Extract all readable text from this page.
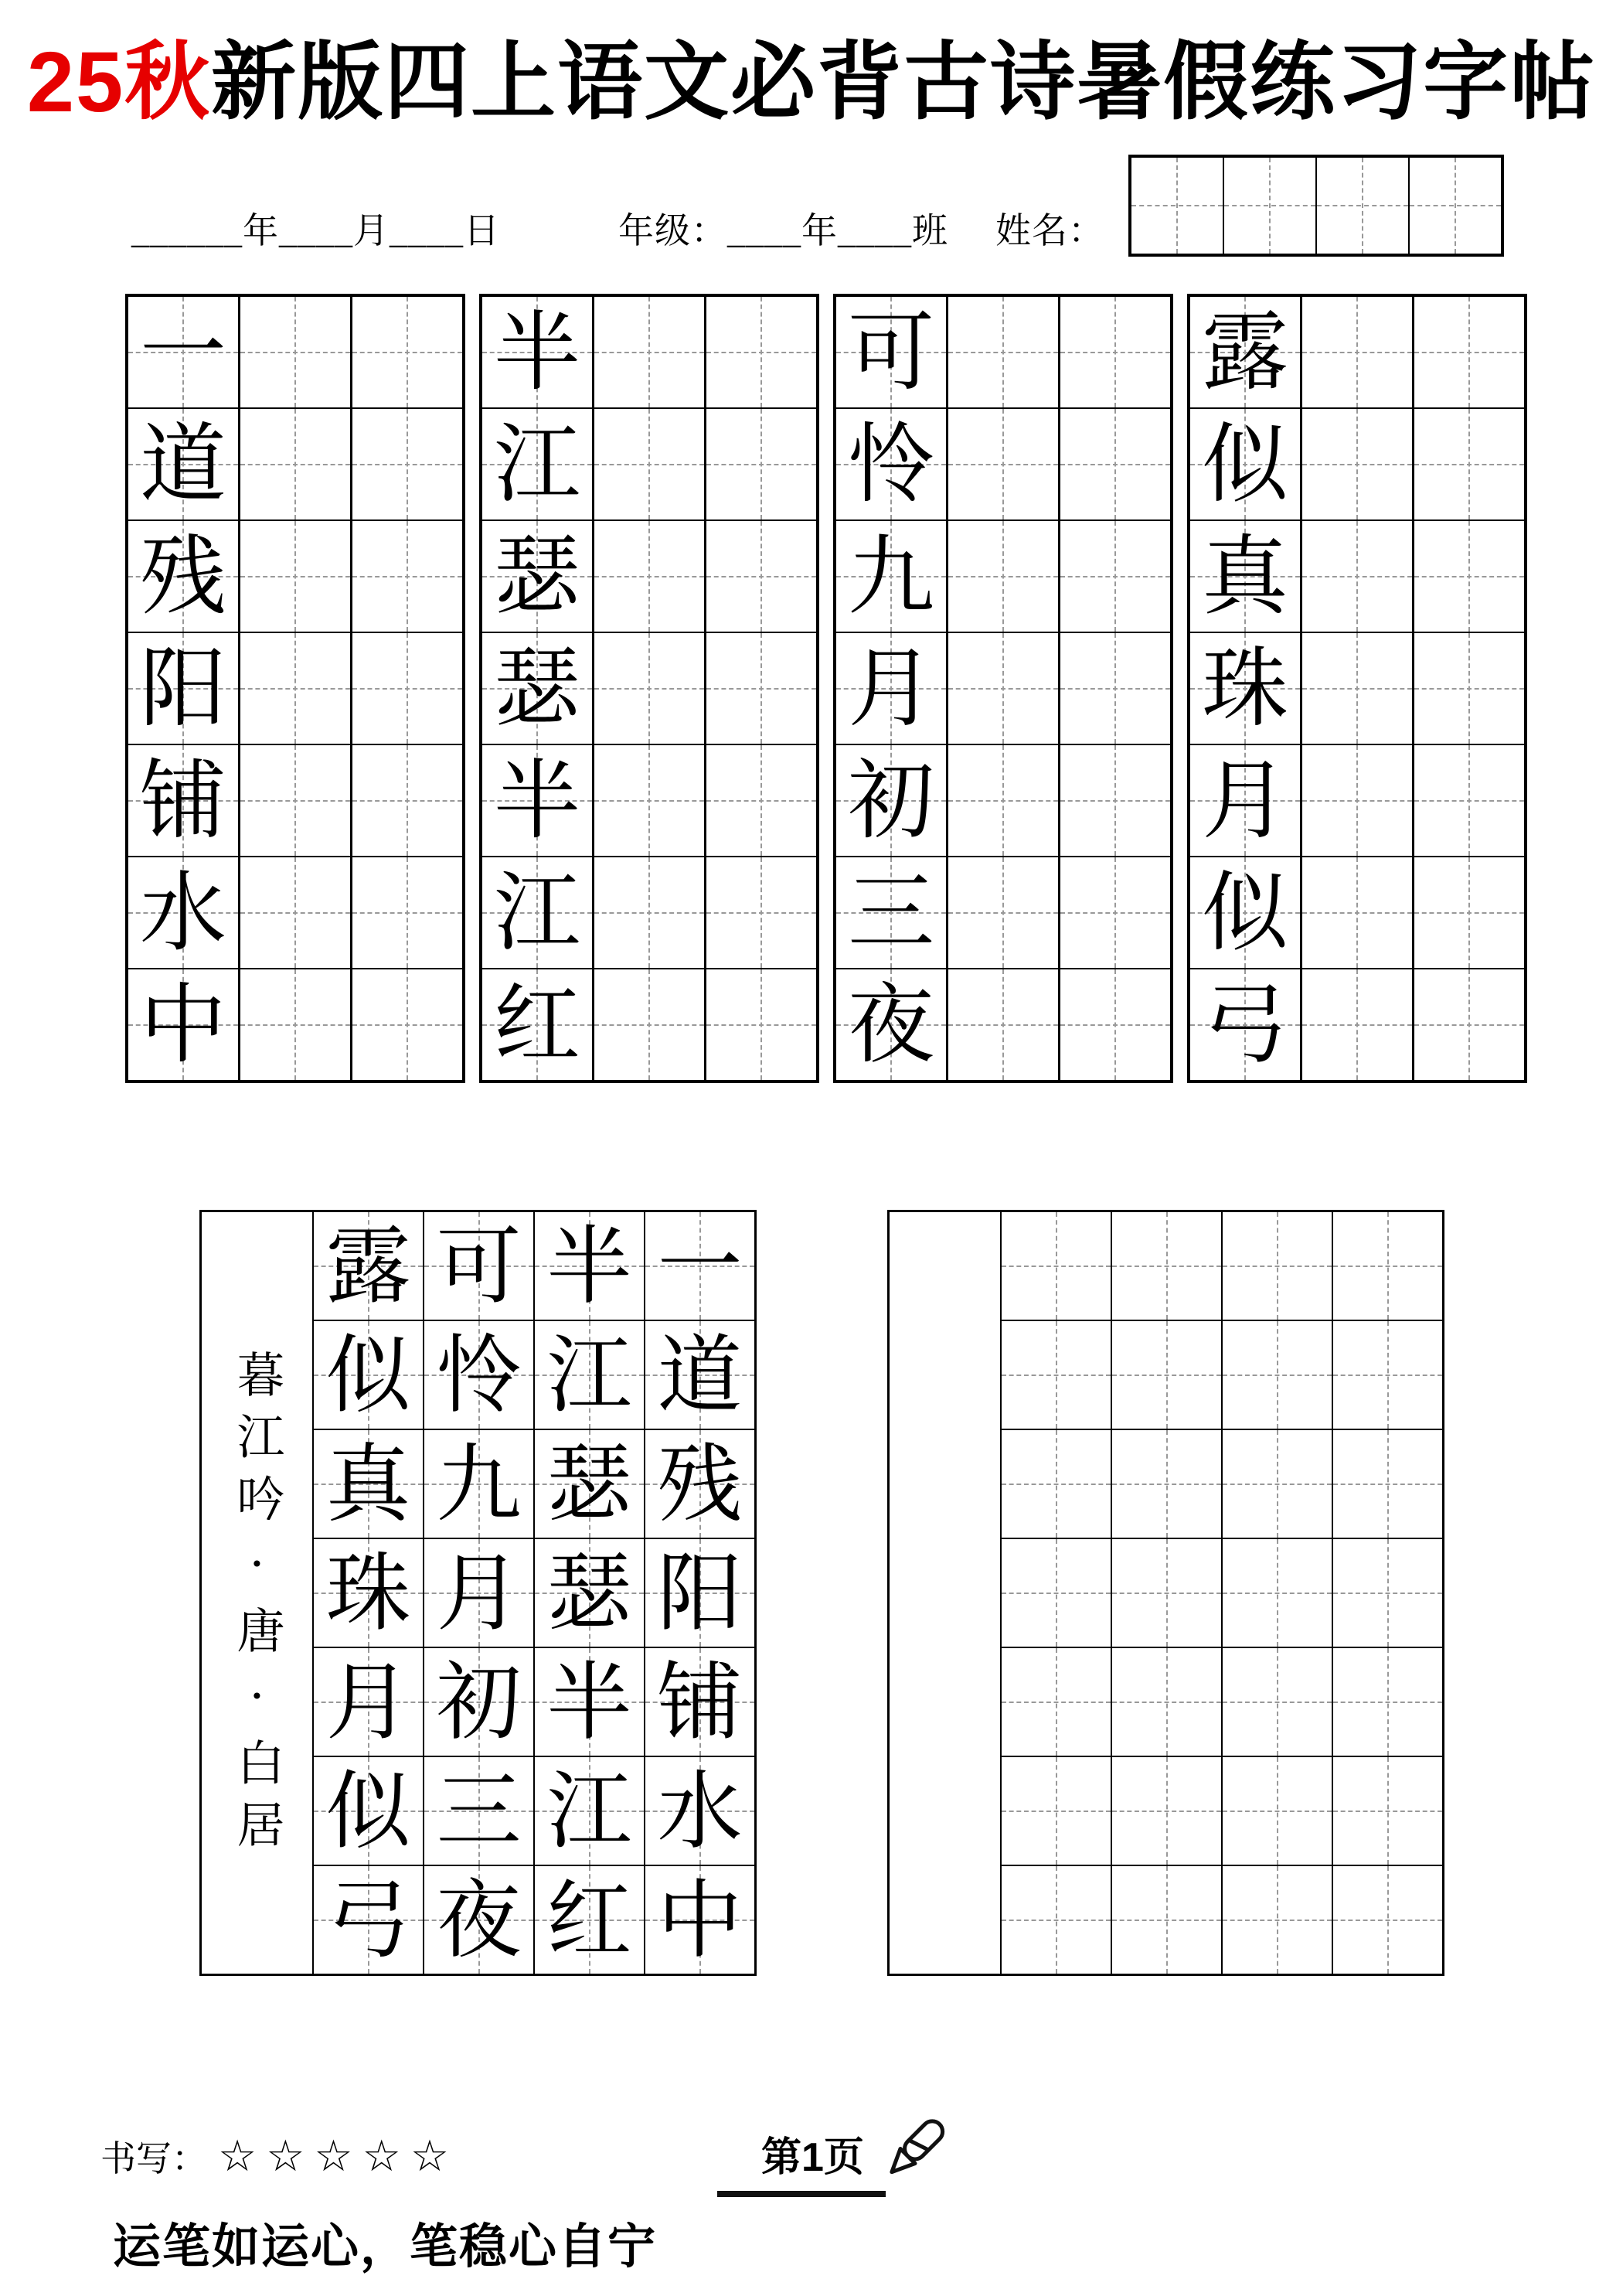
25秋新版四上语文必背古诗暑假练习字帖
______年____月____日	年级：____年____班 姓名：
一
道
残
阳
铺
水
中
半
江
瑟
瑟
半
江
红
可
怜
九
月
初
三
夜
露
似
真
珠
月
似
弓
暮江吟·唐·白居
露
似
真
珠
月
似
弓
可
怜
九
月
初
三
夜
半
江
瑟
瑟
半
江
红
一
道
残
阳
铺
水
中
书写： ☆☆☆☆☆	第1页
运笔如运心，笔稳心自宁
